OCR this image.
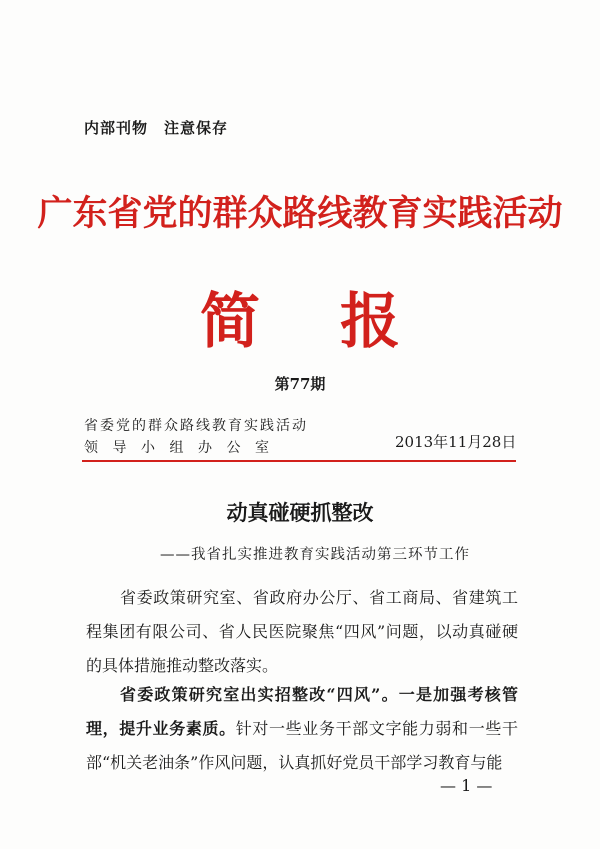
内部刊物　注意保存
广东省党的群众路线教育实践活动
简报
第77期
省委党的群众路线教育实践活动
领导小组办公室	2013年11月28日
动真碰硬抓整改
——我省扎实推进教育实践活动第三环节工作
省委政策研究室、省政府办公厅、省工商局、省建筑工程集团有限公司、省人民医院聚焦“四风”问题，以动真碰硬的具体措施推动整改落实。
省委政策研究室出实招整改“四风”。一是加强考核管理，提升业务素质。针对一些业务干部文字能力弱和一些干部“机关老油条”作风问题，认真抓好党员干部学习教育与能
— 1 —
